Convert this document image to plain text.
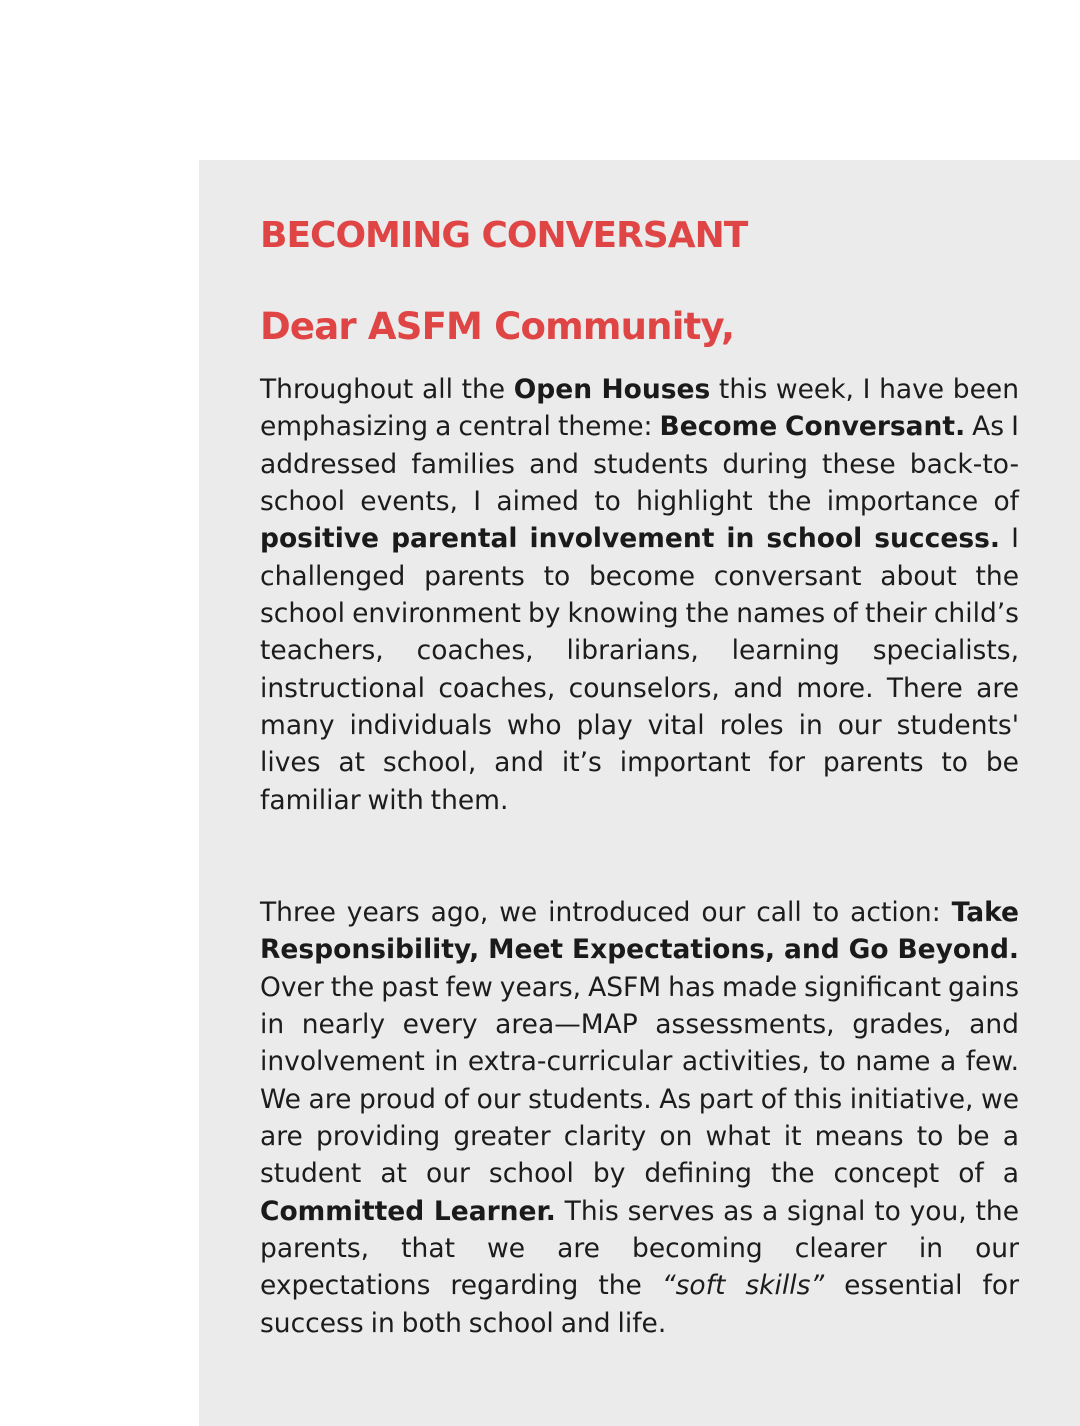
BECOMING CONVERSANT
Dear ASFM Community,

Throughout all the Open Houses this week, I have been emphasizing a central theme: Become Conversant. As I addressed families and students during these back-to-school events, I aimed to highlight the importance of positive parental involvement in school success. I challenged parents to become conversant about the school environment by knowing the names of their child’s teachers, coaches, librarians, learning specialists, instructional coaches, counselors, and more. There are many individuals who play vital roles in our students' lives at school, and it’s important for parents to be familiar with them.

Three years ago, we introduced our call to action: Take Responsibility, Meet Expectations, and Go Beyond. Over the past few years, ASFM has made significant gains in nearly every area—MAP assessments, grades, and involvement in extra-curricular activities, to name a few. We are proud of our students. As part of this initiative, we are providing greater clarity on what it means to be a student at our school by defining the concept of a Committed Learner. This serves as a signal to you, the parents, that we are becoming clearer in our expectations regarding the “soft skills” essential for success in both school and life.
